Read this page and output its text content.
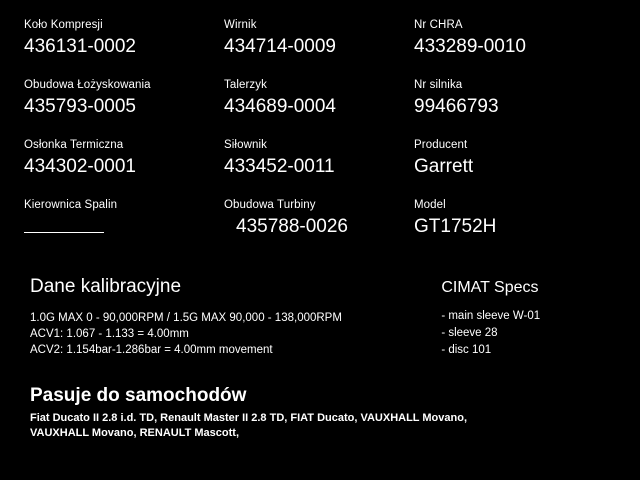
Koło Kompresji
436131-0002
Wirnik
434714-0009
Nr CHRA
433289-0010
Obudowa Łożyskowania
435793-0005
Talerzyk
434689-0004
Nr silnika
99466793
Osłonka Termiczna
434302-0001
Siłownik
433452-0011
Producent
Garrett
Kierownica Spalin	Obudowa Turbiny
435788-0026
Model
GT1752H
Dane kalibracyjne
1.0G MAX 0 - 90,000RPM / 1.5G MAX 90,000 - 138,000RPM
ACV1: 1.067 - 1.133 = 4.00mm
ACV2: 1.154bar-1.286bar = 4.00mm movement
CIMAT Specs
- main sleeve W-01
- sleeve 28
- disc 101
Pasuje do samochodów
Fiat Ducato II 2.8 i.d. TD, Renault Master II 2.8 TD, FIAT Ducato, VAUXHALL Movano,
VAUXHALL Movano, RENAULT Mascott,
